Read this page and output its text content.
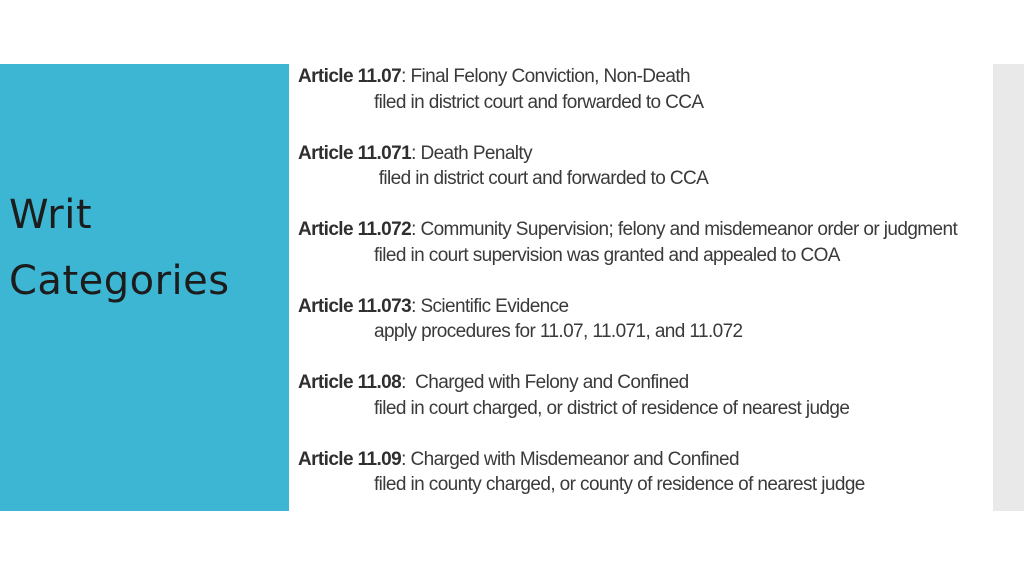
Writ
Categories
Article 11.07: Final Felony Conviction, Non-Death
filed in district court and forwarded to CCA
Article 11.071: Death Penalty
filed in district court and forwarded to CCA
Article 11.072: Community Supervision; felony and misdemeanor order or judgment
filed in court supervision was granted and appealed to COA
Article 11.073: Scientific Evidence
apply procedures for 11.07, 11.071, and 11.072
Article 11.08:  Charged with Felony and Confined
filed in court charged, or district of residence of nearest judge
Article 11.09: Charged with Misdemeanor and Confined
filed in county charged, or county of residence of nearest judge
